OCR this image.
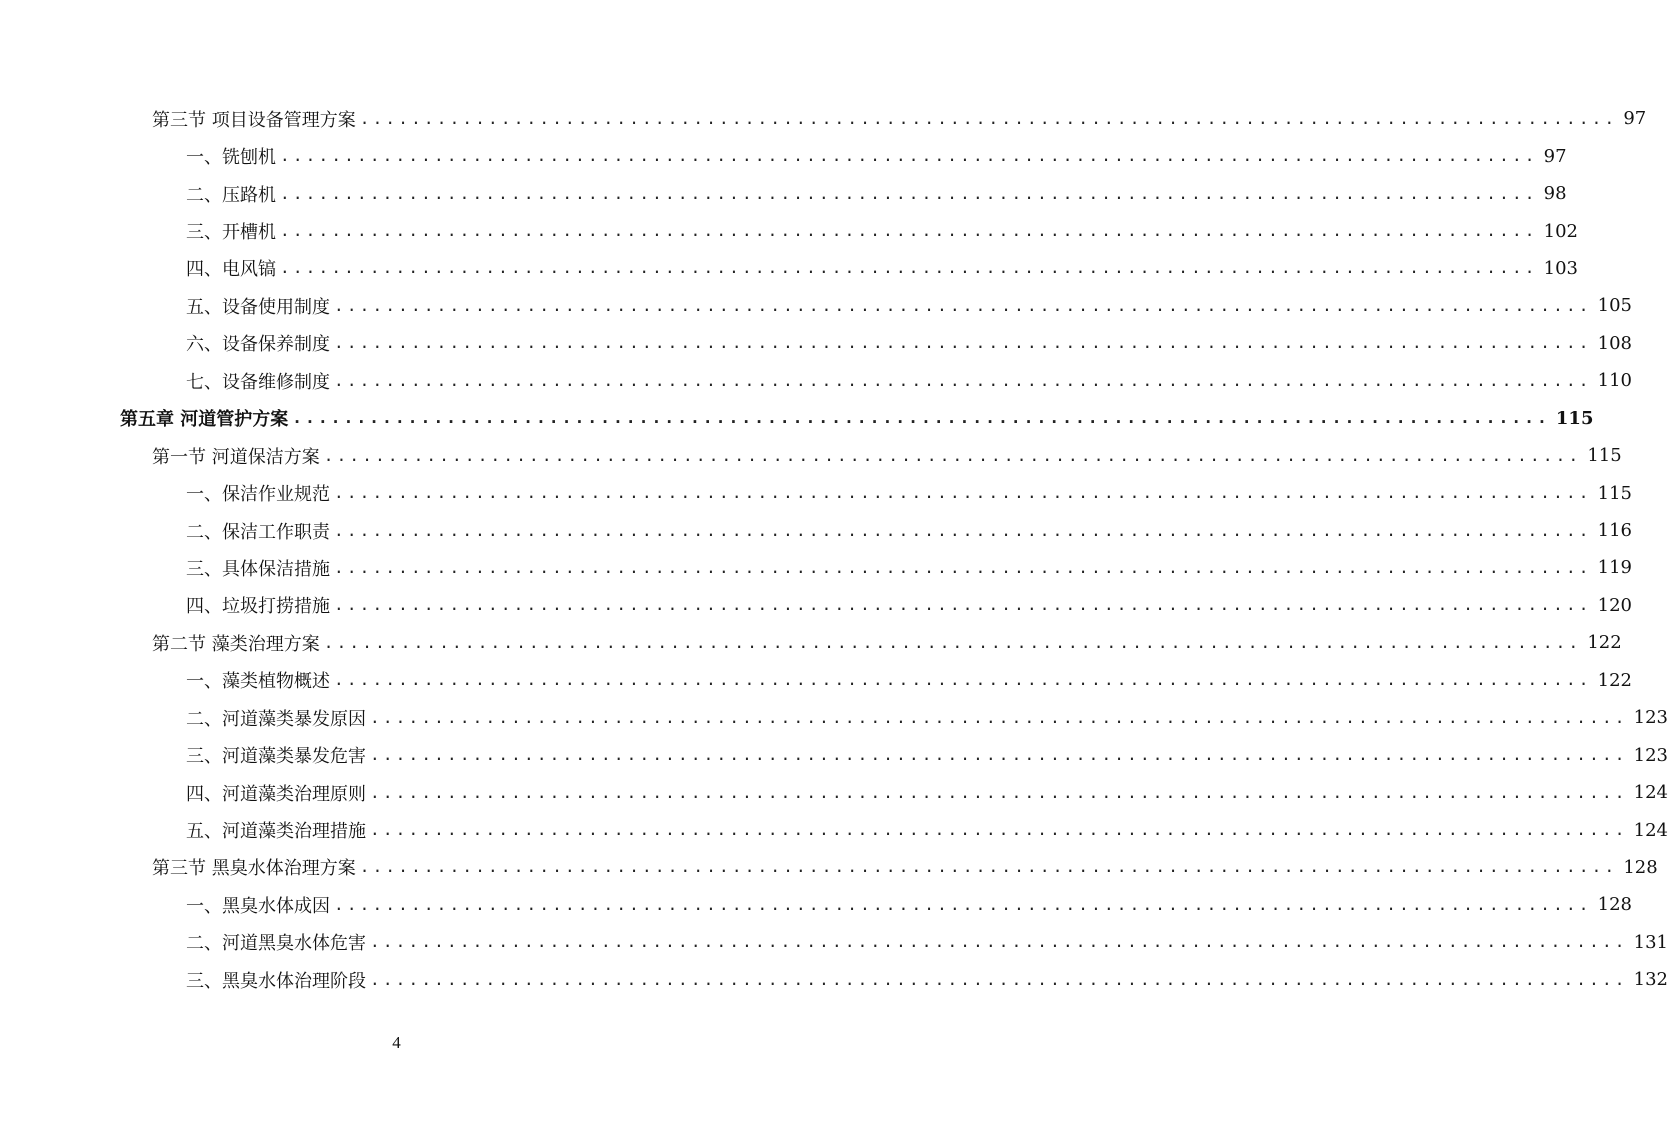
第三节 项目设备管理方案 .................................................................................................. 97
一、铣刨机 .................................................................................................. 97
二、压路机 .................................................................................................. 98
三、开槽机 .................................................................................................. 102
四、电风镐 .................................................................................................. 103
五、设备使用制度 .................................................................................................. 105
六、设备保养制度 .................................................................................................. 108
七、设备维修制度 .................................................................................................. 110
第五章 河道管护方案 .................................................................................................. 115
第一节 河道保洁方案 .................................................................................................. 115
一、保洁作业规范 .................................................................................................. 115
二、保洁工作职责 .................................................................................................. 116
三、具体保洁措施 .................................................................................................. 119
四、垃圾打捞措施 .................................................................................................. 120
第二节 藻类治理方案 .................................................................................................. 122
一、藻类植物概述 .................................................................................................. 122
二、河道藻类暴发原因 .................................................................................................. 123
三、河道藻类暴发危害 .................................................................................................. 123
四、河道藻类治理原则 .................................................................................................. 124
五、河道藻类治理措施 .................................................................................................. 124
第三节 黑臭水体治理方案 .................................................................................................. 128
一、黑臭水体成因 .................................................................................................. 128
二、河道黑臭水体危害 .................................................................................................. 131
三、黑臭水体治理阶段 .................................................................................................. 132
4
